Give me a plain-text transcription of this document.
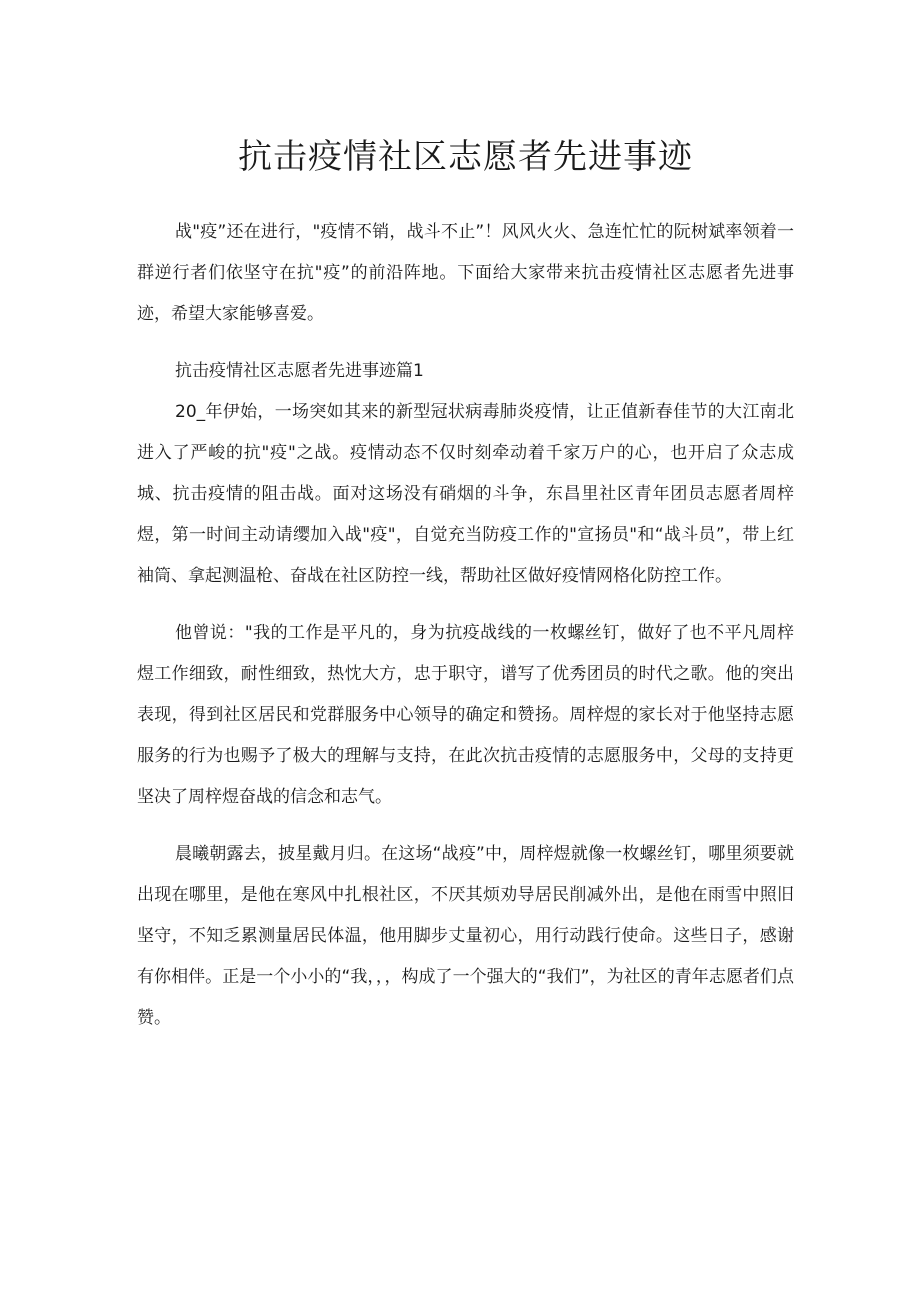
抗击疫情社区志愿者先进事迹

战"疫”还在进行，"疫情不销，战斗不止”！风风火火、急连忙忙的阮树斌率领着一群逆行者们依坚守在抗"疫”的前沿阵地。下面给大家带来抗击疫情社区志愿者先进事迹，希望大家能够喜爱。

抗击疫情社区志愿者先进事迹篇1

20_年伊始，一场突如其来的新型冠状病毒肺炎疫情，让正值新春佳节的大江南北进入了严峻的抗"疫"之战。疫情动态不仅时刻牵动着千家万户的心，也开启了众志成城、抗击疫情的阻击战。面对这场没有硝烟的斗争，东昌里社区青年团员志愿者周梓煜，第一时间主动请缨加入战"疫"，自觉充当防疫工作的"宣扬员"和“战斗员”，带上红袖筒、拿起测温枪、奋战在社区防控一线，帮助社区做好疫情网格化防控工作。

他曾说："我的工作是平凡的，身为抗疫战线的一枚螺丝钉，做好了也不平凡周梓煜工作细致，耐性细致，热忱大方，忠于职守，谱写了优秀团员的时代之歌。他的突出表现，得到社区居民和党群服务中心领导的确定和赞扬。周梓煜的家长对于他坚持志愿服务的行为也赐予了极大的理解与支持，在此次抗击疫情的志愿服务中，父母的支持更坚决了周梓煜奋战的信念和志气。

晨曦朝露去，披星戴月归。在这场“战疫”中，周梓煜就像一枚螺丝钉，哪里须要就出现在哪里，是他在寒风中扎根社区，不厌其烦劝导居民削减外出，是他在雨雪中照旧坚守，不知乏累测量居民体温，他用脚步丈量初心，用行动践行使命。这些日子，感谢有你相伴。正是一个小小的“我，，，构成了一个强大的“我们”，为社区的青年志愿者们点赞。
